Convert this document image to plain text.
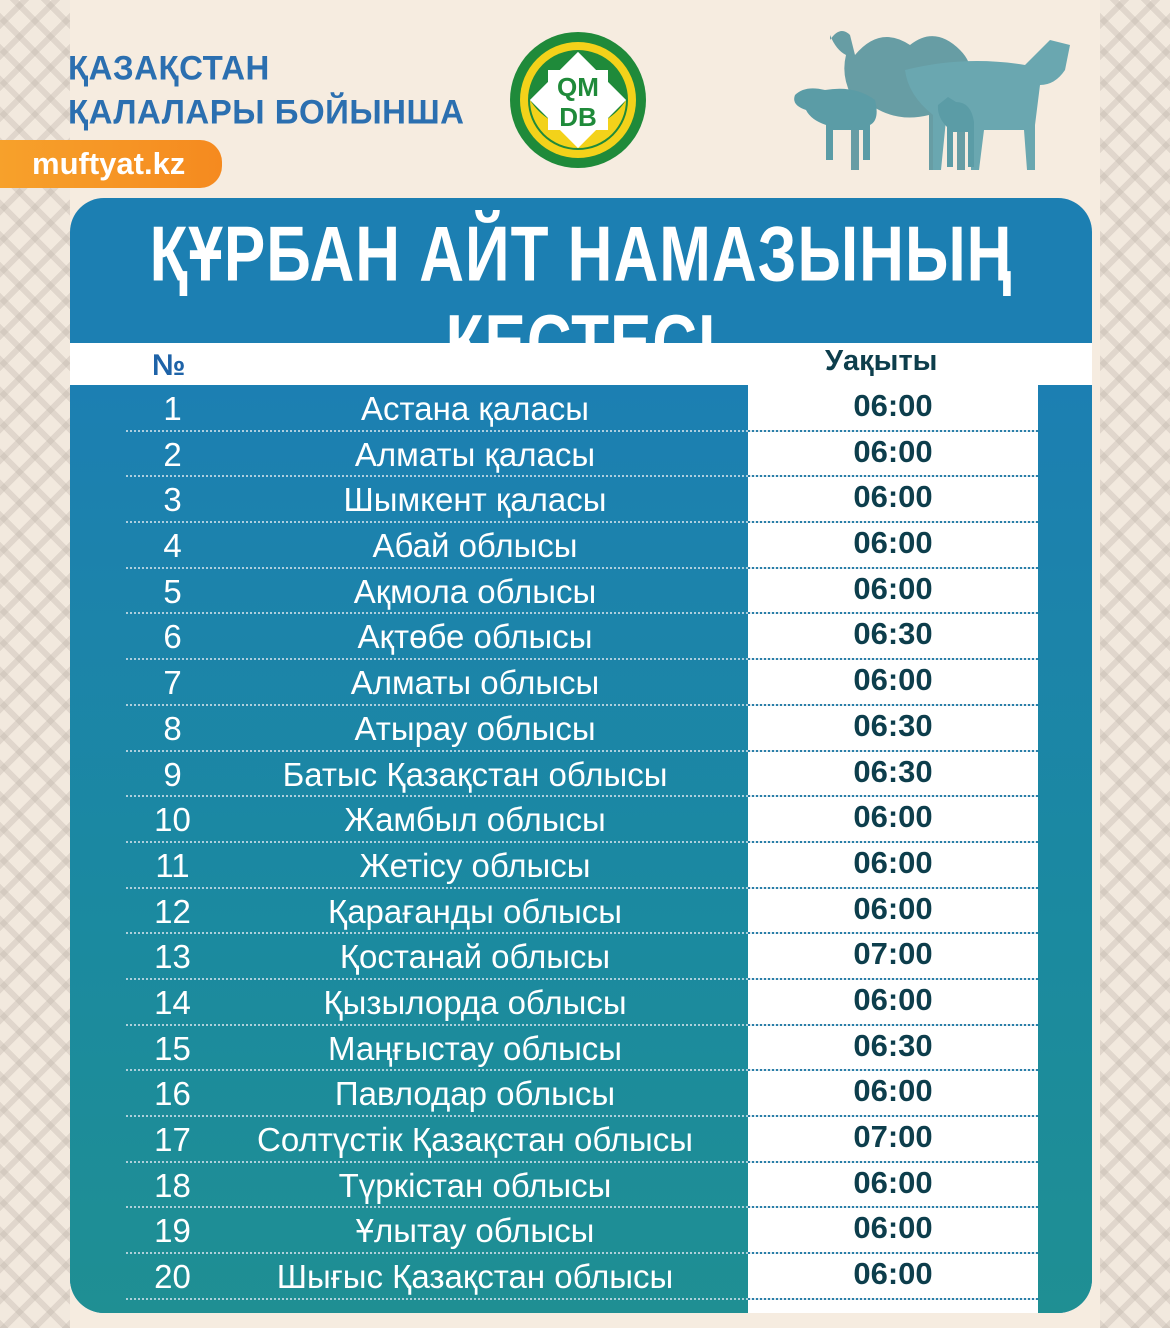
ҚАЗАҚСТАН
ҚАЛАЛАРЫ БОЙЫНША
muftyat.kz
QM
DB
ҚҰРБАН АЙТ НАМАЗЫНЫҢ
№	Уақыты
1	Астана қаласы	06:00
2	Алматы қаласы	06:00
3	Шымкент қаласы	06:00
4	Абай облысы	06:00
5	Ақмола облысы	06:00
6	Ақтөбе облысы	06:30
7	Алматы облысы	06:00
8	Атырау облысы	06:30
9	Батыс Қазақстан облысы	06:30
10	Жамбыл облысы	06:00
11	Жетісу облысы	06:00
12	Қарағанды облысы	06:00
13	Қостанай облысы	07:00
14	Қызылорда облысы	06:00
15	Маңғыстау облысы	06:30
16	Павлодар облысы	06:00
17	Солтүстік Қазақстан облысы	07:00
18	Түркістан облысы	06:00
19	Ұлытау облысы	06:00
20	Шығыс Қазақстан облысы	06:00
